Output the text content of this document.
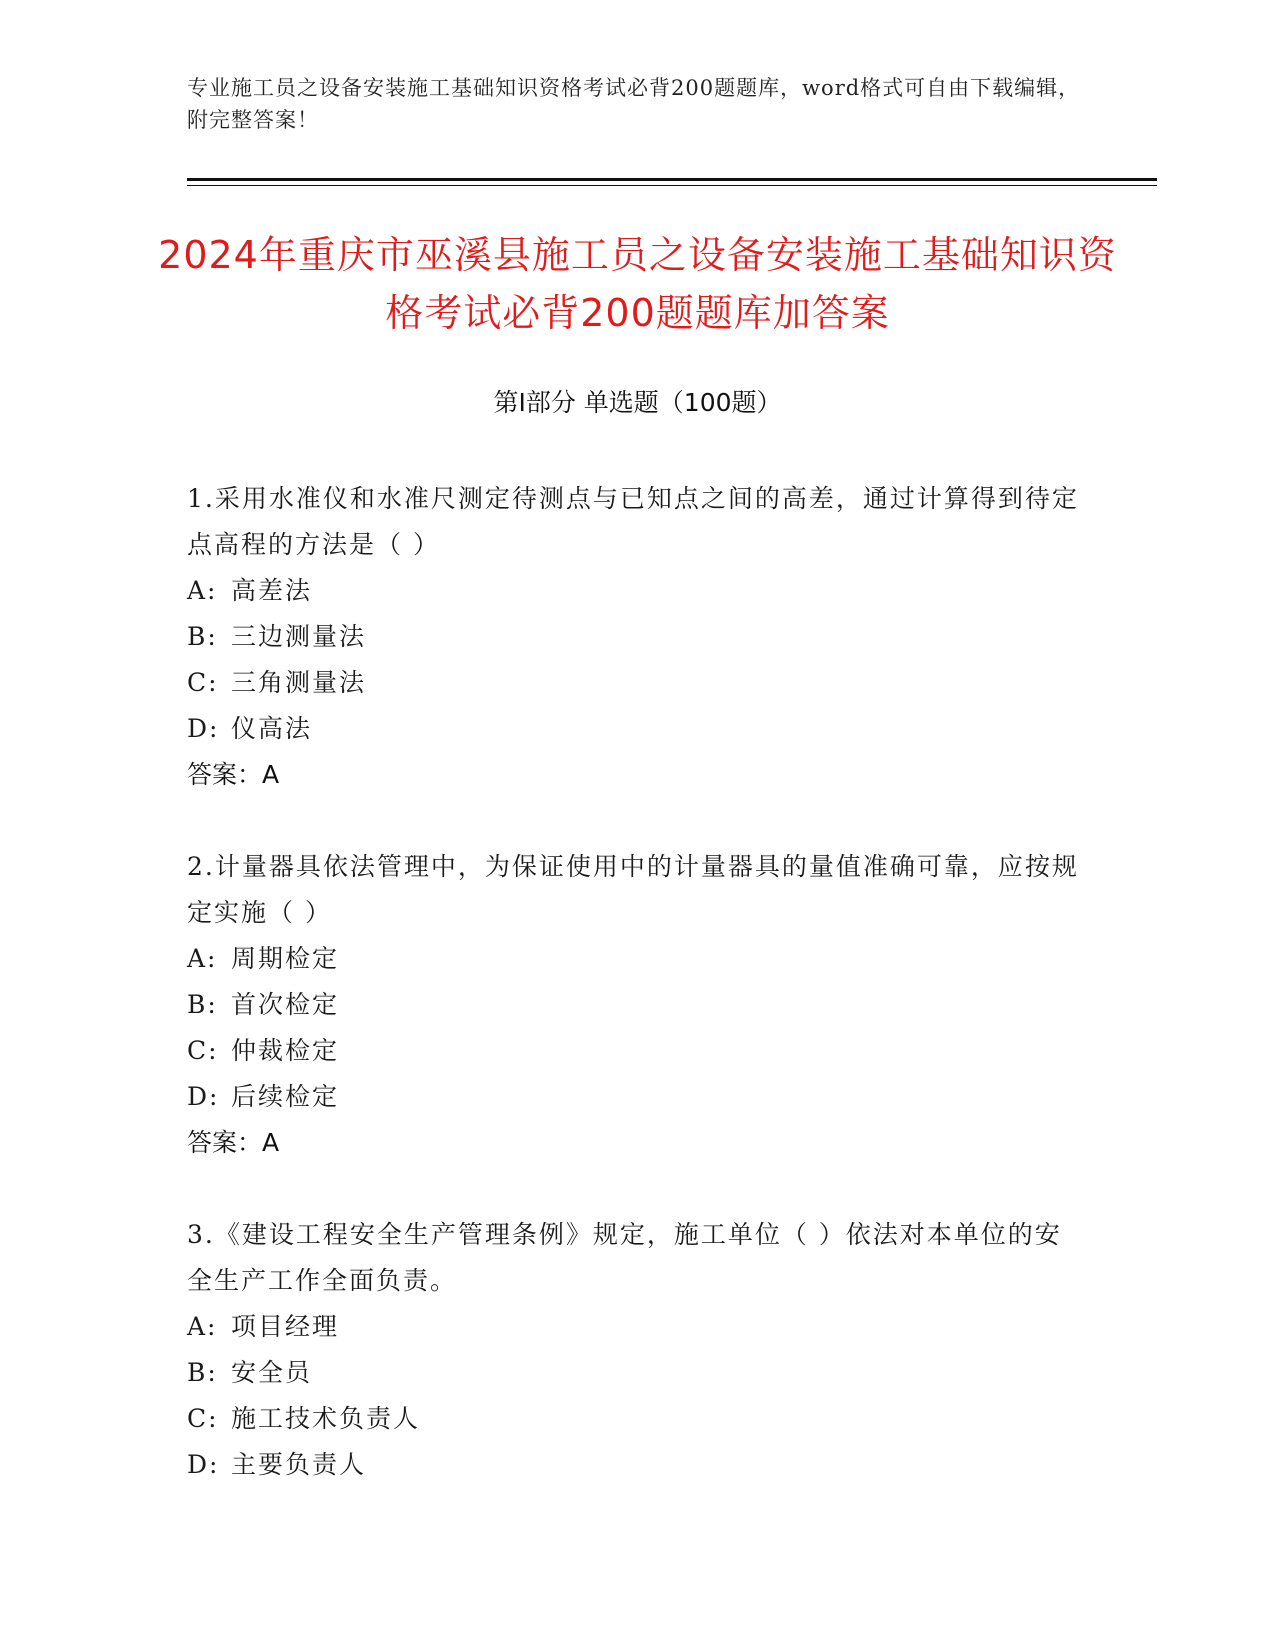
专业施工员之设备安装施工基础知识资格考试必背200题题库，word格式可自由下载编辑，附完整答案！
2024年重庆市巫溪县施工员之设备安装施工基础知识资格考试必背200题题库加答案
第Ⅰ部分 单选题（100题）

1.采用水准仪和水准尺测定待测点与已知点之间的高差，通过计算得到待定点高程的方法是（ ）

A: 高差法

B: 三边测量法

C: 三角测量法

D: 仪高法

答案：A

2.计量器具依法管理中，为保证使用中的计量器具的量值准确可靠，应按规定实施（ ）

A: 周期检定

B: 首次检定

C: 仲裁检定

D: 后续检定

答案：A

3.《建设工程安全生产管理条例》规定，施工单位（ ）依法对本单位的安全生产工作全面负责。

A: 项目经理

B: 安全员

C: 施工技术负责人

D: 主要负责人
